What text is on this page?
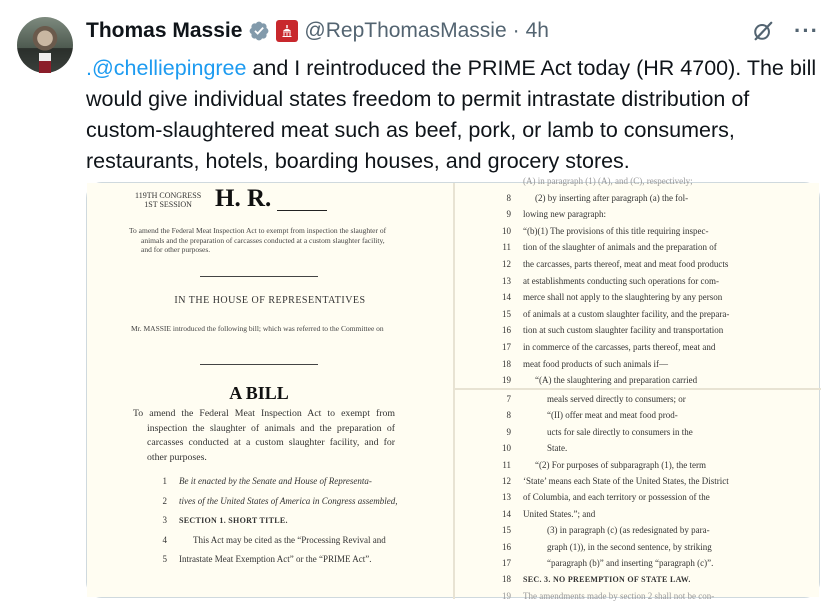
Thomas Massie	@RepThomasMassie · 4h	···
.@chelliepingree and I reintroduced the PRIME Act today (HR 4700). The bill would give individual states freedom to permit intrastate distribution of custom-slaughtered meat such as beef, pork, or lamb to consumers, restaurants, hotels, boarding houses, and grocery stores.
119TH CONGRESS
1ST SESSION H. R.
To amend the Federal Meat Inspection Act to exempt from inspection the slaughter of animals and the preparation of carcasses conducted at a custom slaughter facility, and for other purposes.
IN THE HOUSE OF REPRESENTATIVES
Mr. MASSIE introduced the following bill; which was referred to the Committee on
A BILL
To amend the Federal Meat Inspection Act to exempt from inspection the slaughter of animals and the preparation of carcasses conducted at a custom slaughter facility, and for other purposes.
1 Be it enacted by the Senate and House of Representa-
2 tives of the United States of America in Congress assembled,
3 SECTION 1. SHORT TITLE.
4	This Act may be cited as the “Processing Revival and
5 Intrastate Meat Exemption Act” or the “PRIME Act”.
(A) in paragraph (1) (A), and (C), respectively;
8	(2) by inserting after paragraph (a) the fol-
9 lowing new paragraph:
10 “(b)(1) The provisions of this title requiring inspec-
11 tion of the slaughter of animals and the preparation of
12 the carcasses, parts thereof, meat and meat food products
13 at establishments conducting such operations for com-
14 merce shall not apply to the slaughtering by any person
15 of animals at a custom slaughter facility, and the prepara-
16 tion at such custom slaughter facility and transportation
17 in commerce of the carcasses, parts thereof, meat and
18 meat food products of such animals if—
19	“(A) the slaughtering and preparation carried
7	meals served directly to consumers; or
8	“(II) offer meat and meat food prod-
9	ucts for sale directly to consumers in the
10	State.
11	“(2) For purposes of subparagraph (1), the term
12 ‘State’ means each State of the United States, the District
13 of Columbia, and each territory or possession of the
14 United States.”; and
15	(3) in paragraph (c) (as redesignated by para-
16	graph (1)), in the second sentence, by striking
17	“paragraph (b)” and inserting “paragraph (c)”.
18 SEC. 3. NO PREEMPTION OF STATE LAW.
19 The amendments made by section 2 shall not be con-
